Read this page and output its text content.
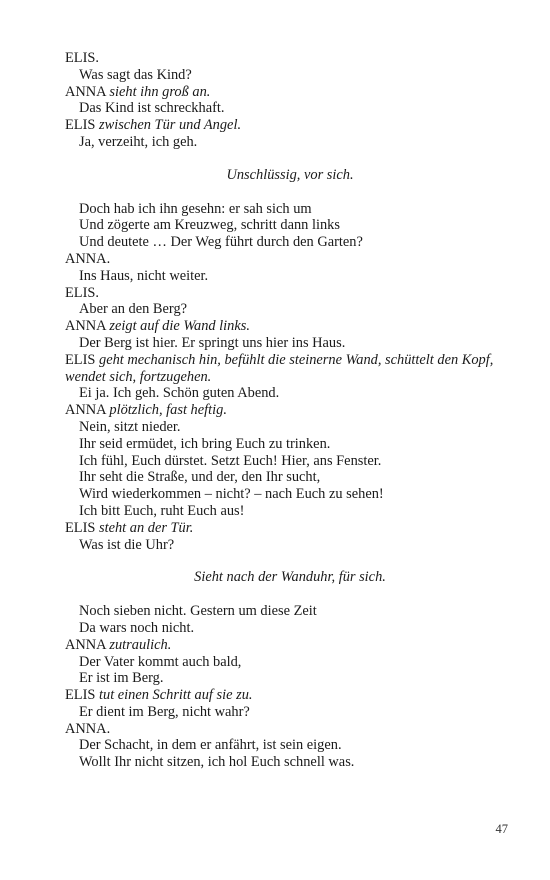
ELIS.
Was sagt das Kind?
ANNA sieht ihn groß an.
Das Kind ist schreckhaft.
ELIS zwischen Tür und Angel.
Ja, verzeiht, ich geh.
Unschlüssig, vor sich.
Doch hab ich ihn gesehn: er sah sich um
Und zögerte am Kreuzweg, schritt dann links
Und deutete … Der Weg führt durch den Garten?
ANNA.
Ins Haus, nicht weiter.
ELIS.
Aber an den Berg?
ANNA zeigt auf die Wand links.
Der Berg ist hier. Er springt uns hier ins Haus.
ELIS geht mechanisch hin, befühlt die steinerne Wand, schüttelt den Kopf, wendet sich, fortzugehen.
Ei ja. Ich geh. Schön guten Abend.
ANNA plötzlich, fast heftig.
Nein, sitzt nieder.
Ihr seid ermüdet, ich bring Euch zu trinken.
Ich fühl, Euch dürstet. Setzt Euch! Hier, ans Fenster.
Ihr seht die Straße, und der, den Ihr sucht,
Wird wiederkommen – nicht? – nach Euch zu sehen!
Ich bitt Euch, ruht Euch aus!
ELIS steht an der Tür.
Was ist die Uhr?
Sieht nach der Wanduhr, für sich.
Noch sieben nicht. Gestern um diese Zeit
Da wars noch nicht.
ANNA zutraulich.
Der Vater kommt auch bald,
Er ist im Berg.
ELIS tut einen Schritt auf sie zu.
Er dient im Berg, nicht wahr?
ANNA.
Der Schacht, in dem er anfährt, ist sein eigen.
Wollt Ihr nicht sitzen, ich hol Euch schnell was.
47
